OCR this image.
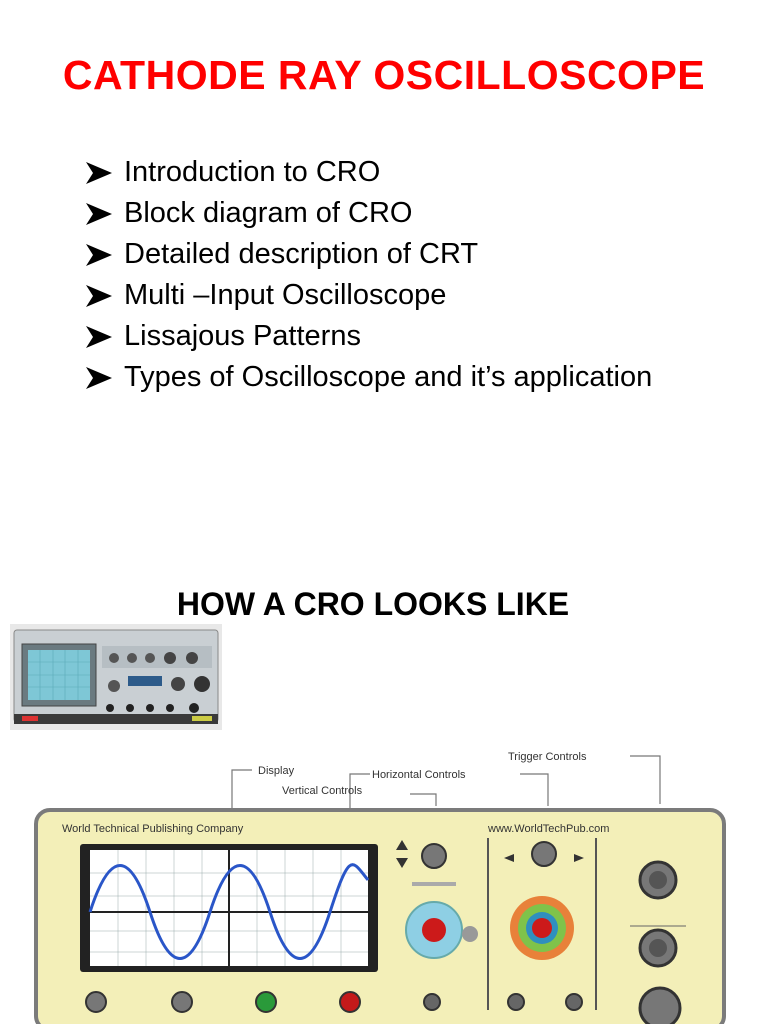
CATHODE RAY OSCILLOSCOPE
Introduction to CRO
Block diagram of CRO
Detailed description of CRT
Multi –Input Oscilloscope
Lissajous Patterns
Types of Oscilloscope and it’s application
HOW A CRO LOOKS LIKE
Display	Horizontal Controls
Vertical Controls
Trigger Controls
World Technical Publishing Company	www.WorldTechPub.com
